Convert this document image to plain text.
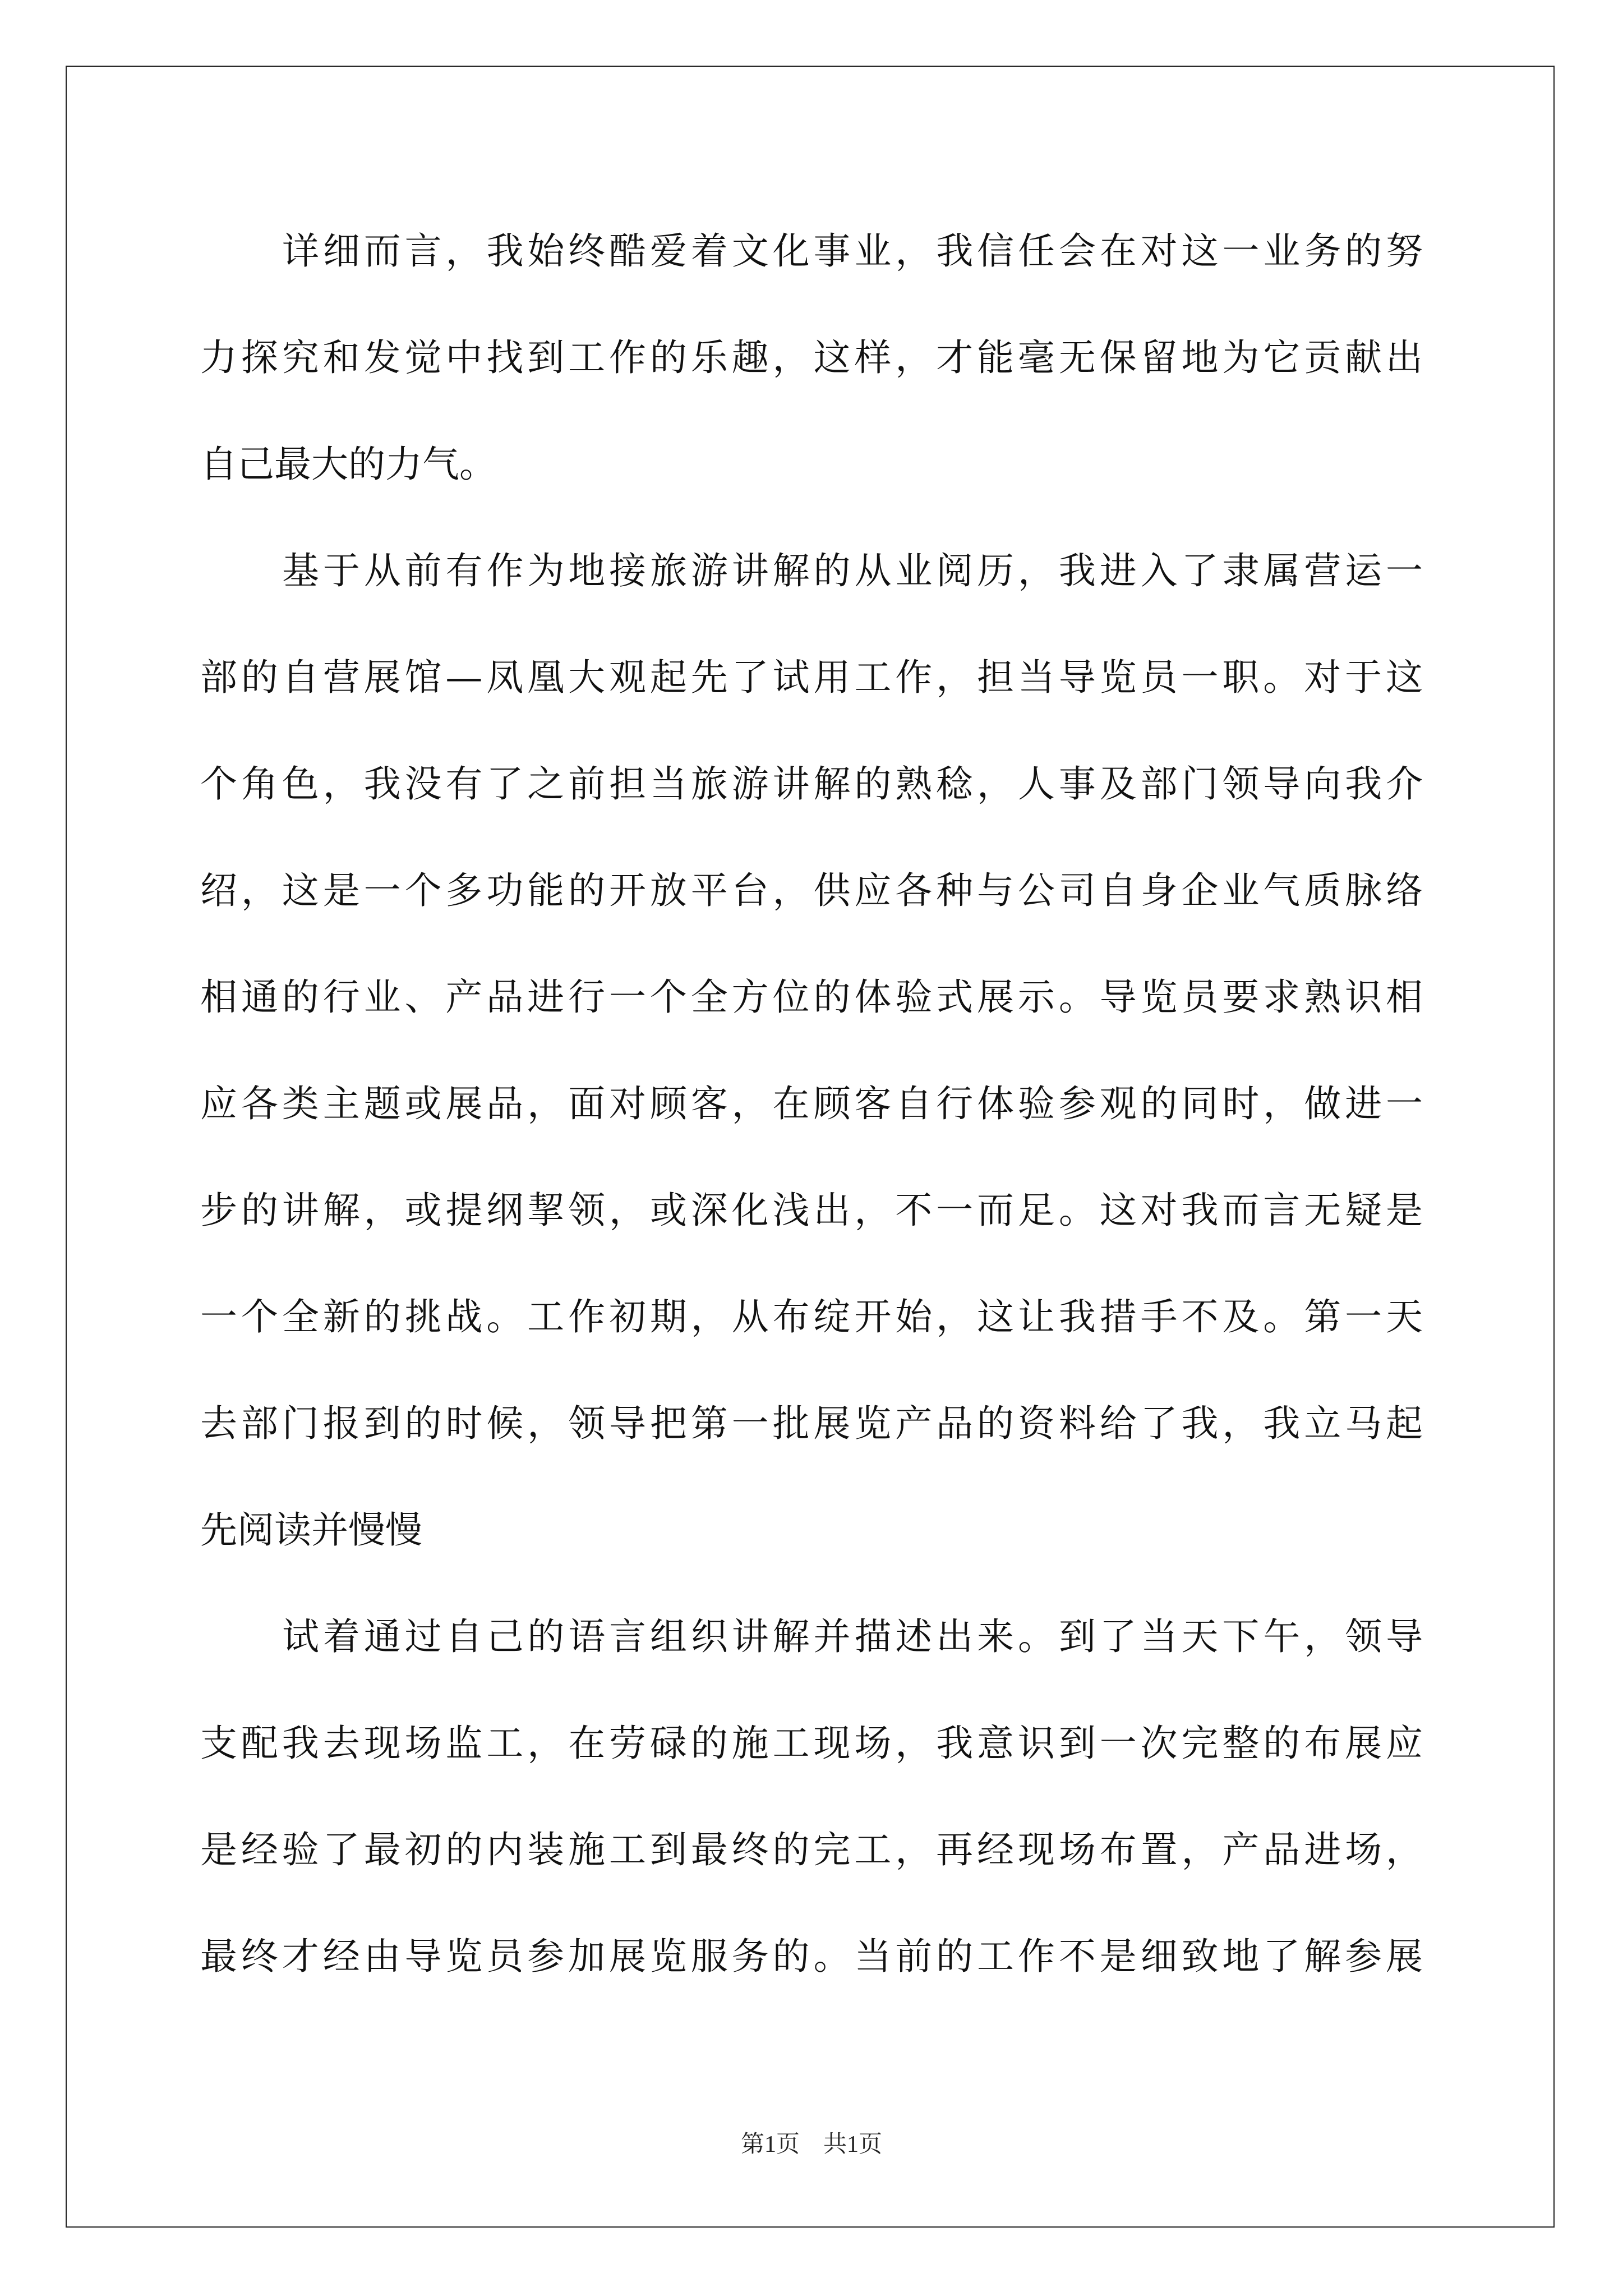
详细而言，我始终酷爱着文化事业，我信任会在对这一业务的努
力探究和发觉中找到工作的乐趣，这样，才能毫无保留地为它贡献出
自己最大的力气。
基于从前有作为地接旅游讲解的从业阅历，我进入了隶属营运一
部的自营展馆—凤凰大观起先了试用工作，担当导览员一职。对于这
个角色，我没有了之前担当旅游讲解的熟稔，人事及部门领导向我介
绍，这是一个多功能的开放平台，供应各种与公司自身企业气质脉络
相通的行业、产品进行一个全方位的体验式展示。导览员要求熟识相
应各类主题或展品，面对顾客，在顾客自行体验参观的同时，做进一
步的讲解，或提纲挈领，或深化浅出，不一而足。这对我而言无疑是
一个全新的挑战。工作初期，从布绽开始，这让我措手不及。第一天
去部门报到的时候，领导把第一批展览产品的资料给了我，我立马起
先阅读并慢慢
试着通过自己的语言组织讲解并描述出来。到了当天下午，领导
支配我去现场监工，在劳碌的施工现场，我意识到一次完整的布展应
是经验了最初的内装施工到最终的完工，再经现场布置，产品进场，
最终才经由导览员参加展览服务的。当前的工作不是细致地了解参展
第1页　共1页
